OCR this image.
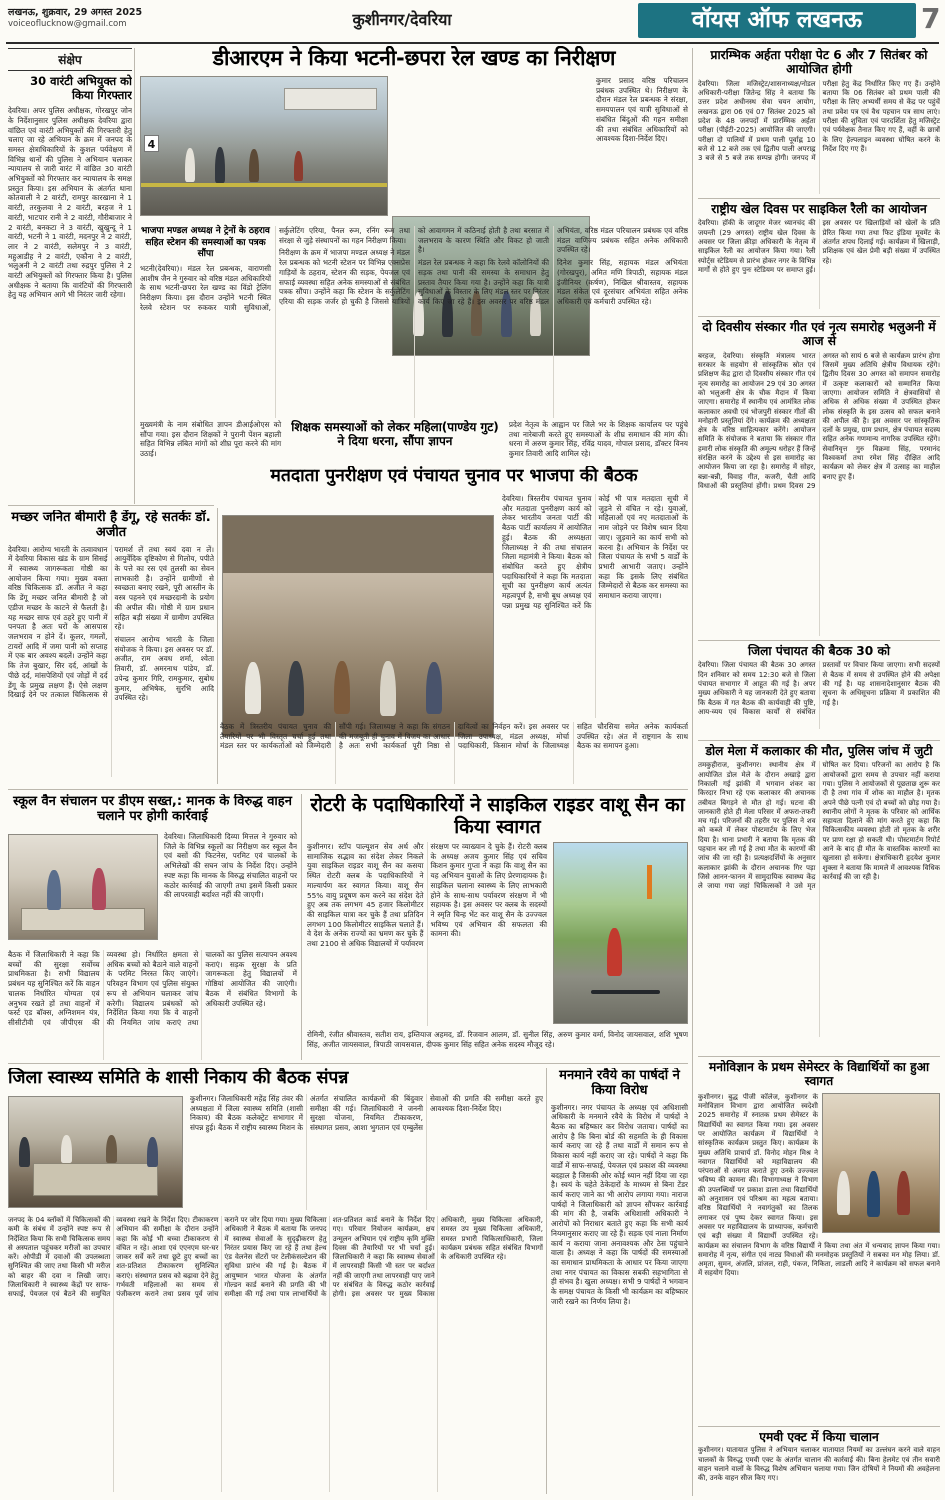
लखनऊ, शुक्रवार, 29 अगस्त 2025
voiceoflucknow@gmail.com	कुशीनगर/देवरिया	वॉयस ऑफ लखनऊ	7
संक्षेप
30 वारंटी अभियुक्त को किया गिरफ्तार
देवरिया। अपर पुलिस अधीक्षक, गोरखपुर जोन के निर्देशानुसार पुलिस अधीक्षक देवरिया द्वारा वांछित एवं वारंटी अभियुक्तों की गिरफ्तारी हेतु चलाए जा रहे अभियान के क्रम में जनपद के समस्त क्षेत्राधिकारियों के कुशल पर्यवेक्षण में विभिन्न थानों की पुलिस ने अभियान चलाकर न्यायालय से जारी वारंट में वांछित 30 वारंटी अभियुक्तों को गिरफ्तार कर न्यायालय के समक्ष प्रस्तुत किया। इस अभियान के अंतर्गत थाना कोतवाली ने 2 वारंटी, रामपुर कारखाना ने 1 वारंटी, तरकुलवा ने 2 वारंटी, बरहज ने 1 वारंटी, भाटपार रानी ने 2 वारंटी, गौरीबाजार ने 2 वारंटी, बनकटा ने 3 वारंटी, खुखुन्दू ने 1 वारंटी, भटनी ने 1 वारंटी, मदनपुर ने 2 वारंटी, लार ने 2 वारंटी, सलेमपुर ने 3 वारंटी, महुआडीह ने 2 वारंटी, एकौना ने 2 वारंटी, भलुअनी ने 2 वारंटी तथा रुद्रपुर पुलिस ने 2 वारंटी अभियुक्तों को गिरफ्तार किया है। पुलिस अधीक्षक ने बताया कि वारंटियों की गिरफ्तारी हेतु यह अभियान आगे भी निरंतर जारी रहेगा।
डीआरएम ने किया भटनी-छपरा रेल खण्ड का निरीक्षण
4
कुमार प्रसाद वरिष्ठ परिचालन प्रबंधक उपस्थित थे। निरीक्षण के दौरान मंडल रेल प्रबन्धक ने संरक्षा, समयपालन एवं यात्री सुविधाओं से संबंधित बिंदुओं की गहन समीक्षा की तथा संबंधित अधिकारियों को आवश्यक दिशा-निर्देश दिए।

भाजपा मण्डल अध्यक्ष ने ट्रेनों के ठहराव सहित स्टेशन की समस्याओं का पत्रक सौंपा

भटनी(देवरिया)। मंडल रेल प्रबन्धक, वाराणसी आशीष जैन ने गुरुवार को वरिष्ठ मंडल अधिकारियों के साथ भटनी-छपरा रेल खण्ड का विंडो ट्रेलिंग निरीक्षण किया। इस दौरान उन्होंने भटनी स्थित रेलवे स्टेशन पर रुककर यात्री सुविधाओं, सर्कुलेटिंग एरिया, पैनल रूम, रनिंग रूम तथा संरक्षा से जुड़े संस्थापनों का गहन निरीक्षण किया।

निरीक्षण के क्रम में भाजपा मण्डल अध्यक्ष ने मंडल रेल प्रबन्धक को भटनी स्टेशन पर विभिन्न एक्सप्रेस गाड़ियों के ठहराव, स्टेशन की सड़क, पेयजल एवं सफाई व्यवस्था सहित अनेक समस्याओं से संबंधित पत्रक सौंपा। उन्होंने कहा कि स्टेशन के सर्कुलेटिंग एरिया की सड़क जर्जर हो चुकी है जिससे यात्रियों को आवागमन में कठिनाई होती है तथा बरसात में जलभराव के कारण स्थिति और विकट हो जाती है।

मंडल रेल प्रबन्धक ने कहा कि रेलवे कॉलोनियों की सड़क तथा पानी की समस्या के समाधान हेतु प्रस्ताव तैयार किया गया है। उन्होंने कहा कि यात्री सुविधाओं के विस्तार के लिए मंडल स्तर पर निरंतर कार्य किए जा रहे हैं। इस अवसर पर वरिष्ठ मंडल अभियंता, वरिष्ठ मंडल परिचालन प्रबंधक एवं वरिष्ठ मंडल वाणिज्य प्रबंधक सहित अनेक अधिकारी उपस्थित रहे।

दिनेश कुमार सिंह, सहायक मंडल अभियंता (गोरखपुर), अमित मणि त्रिपाठी, सहायक मंडल इंजीनियर (कर्षण), निखिल श्रीवास्तव, सहायक मंडल संकेत एवं दूरसंचार अभियंता सहित अनेक अधिकारी एवं कर्मचारी उपस्थित रहे।

मुख्यमंत्री के नाम संबोधित ज्ञापन डीआईओएस को सौंपा गया। इस दौरान शिक्षकों ने पुरानी पेंशन बहाली सहित विभिन्न लंबित मांगों को शीघ्र पूरा करने की मांग उठाई।
शिक्षक समस्याओं को लेकर महिला(पाण्डेय गुट) ने दिया धरना, सौंपा ज्ञापन
प्रदेश नेतृत्व के आह्वान पर जिले भर के शिक्षक कार्यालय पर पहुंचे तथा नारेबाजी करते हुए समस्याओं के शीघ्र समाधान की मांग की। धरना में अरुण कुमार सिंह, रविंद्र यादव, गोपाल प्रसाद, डॉक्टर विनय कुमार तिवारी आदि शामिल रहे।
मतदाता पुनरीक्षण एवं पंचायत चुनाव पर भाजपा की बैठक
देवरिया। त्रिस्तरीय पंचायत चुनाव और मतदाता पुनरीक्षण कार्य को लेकर भारतीय जनता पार्टी की बैठक पार्टी कार्यालय में आयोजित हुई। बैठक की अध्यक्षता जिलाध्यक्ष ने की तथा संचालन जिला महामंत्री ने किया। बैठक को संबोधित करते हुए क्षेत्रीय पदाधिकारियों ने कहा कि मतदाता सूची का पुनरीक्षण कार्य अत्यंत महत्वपूर्ण है, सभी बूथ अध्यक्ष एवं पन्ना प्रमुख यह सुनिश्चित करें कि कोई भी पात्र मतदाता सूची में जुड़ने से वंचित न रहे। युवाओं, महिलाओं एवं नए मतदाताओं के नाम जोड़ने पर विशेष ध्यान दिया जाए। जुड़वाने का कार्य सभी को करना है। अभियान के निर्देश पर जिला पंचायत के सभी 5 वार्डों के प्रभारी आभारी जताए। उन्होंने कहा कि इसके लिए संबंधित जिम्मेदारों से बैठक कर समस्या का समाधान कराया जाएगा।
बैठक में त्रिस्तरीय पंचायत चुनाव की तैयारियों पर भी विस्तृत चर्चा हुई तथा मंडल स्तर पर कार्यकर्ताओं को जिम्मेदारी सौंपी गई। जिलाध्यक्ष ने कहा कि संगठन की मजबूती ही चुनाव में विजय का आधार है अतः सभी कार्यकर्ता पूरी निष्ठा से दायित्वों का निर्वहन करें। इस अवसर पर जिला उपाध्यक्ष, मंडल अध्यक्ष, मोर्चा पदाधिकारी, किसान मोर्चा के जिलाध्यक्ष सहित चौरसिया समेत अनेक कार्यकर्ता उपस्थित रहे। अंत में राष्ट्रगान के साथ बैठक का समापन हुआ।
मच्छर जनित बीमारी है डेंगू, रहे सतर्कः डॉ. अजीत

देवरिया। आरोग्य भारती के तत्वावधान में देवरिया विकास खंड के ग्राम सिसई में स्वास्थ्य जागरूकता गोष्ठी का आयोजन किया गया। मुख्य वक्ता वरिष्ठ चिकित्सक डॉ. अजीत ने कहा कि डेंगू मच्छर जनित बीमारी है जो एडीज मच्छर के काटने से फैलती है। यह मच्छर साफ एवं ठहरे हुए पानी में पनपता है अतः घरों के आसपास जलभराव न होने दें। कूलर, गमलों, टायरों आदि में जमा पानी को सप्ताह में एक बार अवश्य बदलें। उन्होंने कहा कि तेज बुखार, सिर दर्द, आंखों के पीछे दर्द, मांसपेशियों एवं जोड़ों में दर्द डेंगू के प्रमुख लक्षण हैं। ऐसे लक्षण दिखाई देने पर तत्काल चिकित्सक से परामर्श लें तथा स्वयं दवा न लें। आयुर्वेदिक दृष्टिकोण से गिलोय, पपीते के पत्ते का रस एवं तुलसी का सेवन लाभकारी है। उन्होंने ग्रामीणों से स्वच्छता बनाए रखने, पूरी आस्तीन के वस्त्र पहनने एवं मच्छरदानी के प्रयोग की अपील की। गोष्ठी में ग्राम प्रधान सहित बड़ी संख्या में ग्रामीण उपस्थित रहे।

संचालन आरोग्य भारती के जिला संयोजक ने किया। इस अवसर पर डॉ. अजीत, राम अवध शर्मा, श्वेता तिवारी, डॉ. अमरनाथ पांडेय, डॉ. उपेन्द्र कुमार गिरि, रामकुमार, सुबोध कुमार, अभिषेक, सुरभि आदि उपस्थित रहे।

स्कूल वैन संचालन पर डीएम सख्त,: मानक के विरुद्ध वाहन चलाने पर होगी कार्रवाई
देवरिया। जिलाधिकारी दिव्या मित्तल ने गुरुवार को जिले के विभिन्न स्कूलों का निरीक्षण कर स्कूल वैन एवं बसों की फिटनेस, परमिट एवं चालकों के अभिलेखों की सघन जांच के निर्देश दिए। उन्होंने स्पष्ट कहा कि मानक के विरुद्ध संचालित वाहनों पर कठोर कार्रवाई की जाएगी तथा इसमें किसी प्रकार की लापरवाही बर्दाश्त नहीं की जाएगी।
बैठक में जिलाधिकारी ने कहा कि बच्चों की सुरक्षा सर्वोच्च प्राथमिकता है। सभी विद्यालय प्रबंधन यह सुनिश्चित करें कि वाहन चालक निर्धारित योग्यता एवं अनुभव रखते हों तथा वाहनों में फर्स्ट एड बॉक्स, अग्निशमन यंत्र, सीसीटीवी एवं जीपीएस की व्यवस्था हो। निर्धारित क्षमता से अधिक बच्चों को बैठाने वाले वाहनों के परमिट निरस्त किए जाएंगे। परिवहन विभाग एवं पुलिस संयुक्त रूप से अभियान चलाकर जांच करेगी। विद्यालय प्रबंधकों को निर्देशित किया गया कि वे वाहनों की नियमित जांच कराएं तथा चालकों का पुलिस सत्यापन अवश्य कराएं। सड़क सुरक्षा के प्रति जागरूकता हेतु विद्यालयों में गोष्ठियां आयोजित की जाएंगी। बैठक में संबंधित विभागों के अधिकारी उपस्थित रहे।
रोटरी के पदाधिकारियों ने साइकिल राइडर वाशू सैन का किया स्वागत
कुशीनगर। स्टॉप पाल्यूशन सेव अर्थ और सामाजिक सद्भाव का संदेश लेकर निकले युवा साइकिल राइडर वाशू सैन का कसया स्थित रोटरी क्लब के पदाधिकारियों ने माल्यार्पण कर स्वागत किया। वाशू सैन 55% वायु प्रदूषण कम करने का संदेश देते हुए अब तक लगभग 45 हजार किलोमीटर की साइकिल यात्रा कर चुके हैं तथा प्रतिदिन लगभग 100 किलोमीटर साइकिल चलाते हैं। वे देश के अनेक राज्यों का भ्रमण कर चुके हैं तथा 2100 से अधिक विद्यालयों में पर्यावरण संरक्षण पर व्याख्यान दे चुके हैं। रोटरी क्लब के अध्यक्ष अजय कुमार सिंह एवं सचिव किशन कुमार गुप्ता ने कहा कि वाशू सैन का यह अभियान युवाओं के लिए प्रेरणादायक है। साइकिल चलाना स्वास्थ्य के लिए लाभकारी होने के साथ-साथ पर्यावरण संरक्षण में भी सहायक है। इस अवसर पर क्लब के सदस्यों ने स्मृति चिन्ह भेंट कर वाशू सैन के उज्ज्वल भविष्य एवं अभियान की सफलता की कामना की।
रोमिनी, रंजीत श्रीवास्तव, सतीश राय, इम्तियाज अहमद, डॉ. रिजवान आलम, डॉ. सुनील सिंह, अरुण कुमार वर्मा, विनोद जायसवाल, शशि भूषण सिंह, अजीत जायसवाल, त्रिपाठी जायसवाल, दीपक कुमार सिंह सहित अनेक सदस्य मौजूद रहे।
जिला स्वास्थ्य समिति के शासी निकाय की बैठक संपन्न
कुशीनगर। जिलाधिकारी महेंद्र सिंह तंवर की अध्यक्षता में जिला स्वास्थ्य समिति (शासी निकाय) की बैठक कलेक्ट्रेट सभागार में संपन्न हुई। बैठक में राष्ट्रीय स्वास्थ्य मिशन के अंतर्गत संचालित कार्यक्रमों की बिंदुवार समीक्षा की गई। जिलाधिकारी ने जननी सुरक्षा योजना, नियमित टीकाकरण, संस्थागत प्रसव, आशा भुगतान एवं एम्बुलेंस सेवाओं की प्रगति की समीक्षा करते हुए आवश्यक दिशा-निर्देश दिए।
जनपद के 04 ब्लॉकों में चिकित्सकों की कमी के संबंध में उन्होंने स्पष्ट रूप से निर्देशित किया कि सभी चिकित्सक समय से अस्पताल पहुंचकर मरीजों का उपचार करें। ओपीडी में दवाओं की उपलब्धता सुनिश्चित की जाए तथा किसी भी मरीज को बाहर की दवा न लिखी जाए। जिलाधिकारी ने स्वास्थ्य केंद्रों पर साफ-सफाई, पेयजल एवं बैठने की समुचित व्यवस्था रखने के निर्देश दिए। टीकाकरण अभियान की समीक्षा के दौरान उन्होंने कहा कि कोई भी बच्चा टीकाकरण से वंचित न रहे। आशा एवं एएनएम घर-घर जाकर सर्वे करें तथा छूटे हुए बच्चों का शत-प्रतिशत टीकाकरण सुनिश्चित कराएं। संस्थागत प्रसव को बढ़ावा देने हेतु गर्भवती महिलाओं का समय से पंजीकरण कराने तथा प्रसव पूर्व जांच कराने पर जोर दिया गया। मुख्य चिकित्सा अधिकारी ने बैठक में बताया कि जनपद में स्वास्थ्य सेवाओं के सुदृढ़ीकरण हेतु निरंतर प्रयास किए जा रहे हैं तथा हेल्थ एंड वेलनेस सेंटरों पर टेलीकंसल्टेशन की सुविधा प्रारंभ की गई है। बैठक में आयुष्मान भारत योजना के अंतर्गत गोल्डन कार्ड बनाने की प्रगति की भी समीक्षा की गई तथा पात्र लाभार्थियों के शत-प्रतिशत कार्ड बनाने के निर्देश दिए गए। परिवार नियोजन कार्यक्रम, क्षय उन्मूलन अभियान एवं राष्ट्रीय कृमि मुक्ति दिवस की तैयारियों पर भी चर्चा हुई। जिलाधिकारी ने कहा कि स्वास्थ्य सेवाओं में लापरवाही किसी भी स्तर पर बर्दाश्त नहीं की जाएगी तथा लापरवाही पाए जाने पर संबंधित के विरुद्ध कठोर कार्रवाई होगी। इस अवसर पर मुख्य विकास अधिकारी, मुख्य चिकित्सा अधिकारी, समस्त उप मुख्य चिकित्सा अधिकारी, समस्त प्रभारी चिकित्साधिकारी, जिला कार्यक्रम प्रबंधक सहित संबंधित विभागों के अधिकारी उपस्थित रहे।
मनमाने रवैये का पार्षदों ने किया विरोध
कुशीनगर। नगर पंचायत के अध्यक्ष एवं अधिशासी अधिकारी के मनमाने रवैये के विरोध में पार्षदों ने बैठक का बहिष्कार कर विरोध जताया। पार्षदों का आरोप है कि बिना बोर्ड की सहमति के ही विकास कार्य कराए जा रहे हैं तथा वार्डों में समान रूप से विकास कार्य नहीं कराए जा रहे। पार्षदों ने कहा कि वार्डों में साफ-सफाई, पेयजल एवं प्रकाश की व्यवस्था बदहाल है जिसकी ओर कोई ध्यान नहीं दिया जा रहा है। स्वयं के चहेते ठेकेदारों के माध्यम से बिना टेंडर कार्य कराए जाने का भी आरोप लगाया गया। नाराज पार्षदों ने जिलाधिकारी को ज्ञापन सौंपकर कार्रवाई की मांग की है, जबकि अधिशासी अधिकारी ने आरोपों को निराधार बताते हुए कहा कि सभी कार्य नियमानुसार कराए जा रहे हैं। सड़क एवं नाला निर्माण कार्य न कराया जाना अनावश्यक और ठेस पहुंचाने वाला है। अध्यक्ष ने कहा कि पार्षदों की समस्याओं का समाधान प्राथमिकता के आधार पर किया जाएगा तथा नगर पंचायत का विकास सबकी सहभागिता से ही संभव है। खुला अध्यक्ष। सभी 9 पार्षदों ने भगवान के समक्ष पंचायत के किसी भी कार्यक्रम का बहिष्कार जारी रखने का निर्णय लिया है।
प्रारम्भिक अर्हता परीक्षा पेट 6 और 7 सितंबर को आयोजित होगी
देवरिया। जिला मजिस्ट्रेट/शासनाध्यक्ष/नोडल अधिकारी-परीक्षा जितेन्द्र सिंह ने बताया कि उत्तर प्रदेश अधीनस्थ सेवा चयन आयोग, लखनऊ द्वारा 06 एवं 07 सितंबर 2025 को प्रदेश के 48 जनपदों में प्रारम्भिक अर्हता परीक्षा (पीईटी-2025) आयोजित की जाएगी। परीक्षा दो पालियों में प्रथम पाली पूर्वाह्न 10 बजे से 12 बजे तक एवं द्वितीय पाली अपराह्न 3 बजे से 5 बजे तक सम्पन्न होगी। जनपद में परीक्षा हेतु केंद्र निर्धारित किए गए हैं। उन्होंने बताया कि 06 सितंबर को प्रथम पाली की परीक्षा के लिए अभ्यर्थी समय से केंद्र पर पहुंचें तथा प्रवेश पत्र एवं वैध पहचान पत्र साथ लाएं। परीक्षा की शुचिता एवं पारदर्शिता हेतु मजिस्ट्रेट एवं पर्यवेक्षक तैनात किए गए हैं, वहीं के छात्रों के लिए हेल्पलाइन व्यवस्था घोषित करने के निर्देश दिए गए हैं।
राष्ट्रीय खेल दिवस पर साइकिल रैली का आयोजन
देवरिया। हॉकी के जादूगर मेजर ध्यानचंद की जयन्ती (29 अगस्त) राष्ट्रीय खेल दिवस के अवसर पर जिला क्रीड़ा अधिकारी के नेतृत्व में साइकिल रैली का आयोजन किया गया। रैली स्पोर्ट्स स्टेडियम से प्रारंभ होकर नगर के विभिन्न मार्गों से होते हुए पुनः स्टेडियम पर समाप्त हुई। इस अवसर पर खिलाड़ियों को खेलों के प्रति प्रेरित किया गया तथा फिट इंडिया मूवमेंट के अंतर्गत शपथ दिलाई गई। कार्यक्रम में खिलाड़ी, प्रशिक्षक एवं खेल प्रेमी बड़ी संख्या में उपस्थित रहे।
दो दिवसीय संस्कार गीत एवं नृत्य समारोह भलुअनी में आज से
बरहज, देवरिया। संस्कृति मंत्रालय भारत सरकार के सहयोग से सांस्कृतिक स्रोत एवं प्रशिक्षण केंद्र द्वारा दो दिवसीय संस्कार गीत एवं नृत्य समारोह का आयोजन 29 एवं 30 अगस्त को भलुअनी क्षेत्र के चौक मैदान में किया जाएगा। समारोह में स्थानीय एवं आमंत्रित लोक कलाकार अवधी एवं भोजपुरी संस्कार गीतों की मनोहारी प्रस्तुतियां देंगे। कार्यक्रम की अध्यक्षता क्षेत्र के वरिष्ठ साहित्यकार करेंगे। आयोजन समिति के संयोजक ने बताया कि संस्कार गीत हमारी लोक संस्कृति की अमूल्य धरोहर हैं जिन्हें संरक्षित करने के उद्देश्य से इस समारोह का आयोजन किया जा रहा है। समारोह में सोहर, बन्ना-बन्नी, विवाह गीत, कजरी, चैती आदि विधाओं की प्रस्तुतियां होंगी। प्रथम दिवस 29 अगस्त को सायं 6 बजे से कार्यक्रम प्रारंभ होगा जिसमें मुख्य अतिथि क्षेत्रीय विधायक रहेंगे। द्वितीय दिवस 30 अगस्त को समापन समारोह में उत्कृष्ट कलाकारों को सम्मानित किया जाएगा। आयोजन समिति ने क्षेत्रवासियों से अधिक से अधिक संख्या में उपस्थित होकर लोक संस्कृति के इस उत्सव को सफल बनाने की अपील की है। इस अवसर पर सांस्कृतिक दलों के प्रमुख, ग्राम प्रधान, क्षेत्र पंचायत सदस्य सहित अनेक गणमान्य नागरिक उपस्थित रहेंगे। सेवानिवृत्त गुरु विक्रमा सिंह, परमानंद विश्वकर्मा तथा रमेश सिंह दीक्षित आदि कार्यक्रम को लेकर क्षेत्र में उत्साह का माहौल बनाए हुए हैं।
जिला पंचायत की बैठक 30 को
देवरिया। जिला पंचायत की बैठक 30 अगस्त दिन शनिवार को समय 12:30 बजे से जिला पंचायत सभागार में आहूत की गई है। अपर मुख्य अधिकारी ने यह जानकारी देते हुए बताया कि बैठक में गत बैठक की कार्यवाही की पुष्टि, आय-व्यय एवं विकास कार्यों से संबंधित प्रस्तावों पर विचार किया जाएगा। सभी सदस्यों से बैठक में समय से उपस्थित होने की अपेक्षा की गई है। यह शासनादेशानुसार बैठक की सूचना के अधिसूचना प्रक्रिया में प्रकाशित की गई है।
डोल मेला में कलाकार की मौत, पुलिस जांच में जुटी
तमकुहीराज, कुशीनगर। स्थानीय क्षेत्र में आयोजित डोल मेले के दौरान अखाड़े द्वारा निकाली गई झांकी में भगवान शंकर का किरदार निभा रहे एक कलाकार की अचानक तबीयत बिगड़ने से मौत हो गई। घटना की जानकारी होते ही मेला परिसर में अफरा-तफरी मच गई। परिजनों की तहरीर पर पुलिस ने शव को कब्जे में लेकर पोस्टमार्टम के लिए भेज दिया है। थाना प्रभारी ने बताया कि मृतक की पहचान कर ली गई है तथा मौत के कारणों की जांच की जा रही है। प्रत्यक्षदर्शियों के अनुसार कलाकार झांकी के दौरान अचानक गिर पड़ा जिसे आनन-फानन में सामुदायिक स्वास्थ्य केंद्र ले जाया गया जहां चिकित्सकों ने उसे मृत घोषित कर दिया। परिजनों का आरोप है कि आयोजकों द्वारा समय से उपचार नहीं कराया गया। पुलिस ने आयोजकों से पूछताछ शुरू कर दी है तथा गांव में शोक का माहौल है। मृतक अपने पीछे पत्नी एवं दो बच्चों को छोड़ गया है। स्थानीय लोगों ने मृतक के परिवार को आर्थिक सहायता दिलाने की मांग करते हुए कहा कि चिकित्सकीय व्यवस्था होती तो मृतक के शरीर पर प्राण रक्षा हो सकती थी। पोस्टमार्टम रिपोर्ट आने के बाद ही मौत के वास्तविक कारणों का खुलासा हो सकेगा। क्षेत्राधिकारी हृदयेश कुमार शुक्ला ने बताया कि मामले में आवश्यक विधिक कार्रवाई की जा रही है।
मनोविज्ञान के प्रथम सेमेस्टर के विद्यार्थियों का हुआ स्वागत
कुशीनगर। बुद्ध पीजी कॉलेज, कुशीनगर के मनोविज्ञान विभाग द्वारा आयोजित स्वदेशी 2025 समारोह में स्नातक प्रथम सेमेस्टर के विद्यार्थियों का स्वागत किया गया। इस अवसर पर आयोजित कार्यक्रम में विद्यार्थियों ने सांस्कृतिक कार्यक्रम प्रस्तुत किए। कार्यक्रम के मुख्य अतिथि प्राचार्य डॉ. विनोद मोहन मिश्र ने नवागत विद्यार्थियों को महाविद्यालय की परंपराओं से अवगत कराते हुए उनके उज्ज्वल भविष्य की कामना की। विभागाध्यक्ष ने विभाग की उपलब्धियों पर प्रकाश डाला तथा विद्यार्थियों को अनुशासन एवं परिश्रम का महत्व बताया। वरिष्ठ विद्यार्थियों ने नवागंतुकों का तिलक लगाकर एवं पुष्प देकर स्वागत किया। इस अवसर पर महाविद्यालय के प्राध्यापक, कर्मचारी एवं बड़ी संख्या में विद्यार्थी उपस्थित रहे। कार्यक्रम का संचालन विभाग के वरिष्ठ विद्यार्थी ने किया तथा अंत में धन्यवाद ज्ञापन किया गया। समारोह में नृत्य, संगीत एवं नाट्य विधाओं की मनमोहक प्रस्तुतियों ने सबका मन मोह लिया। डॉ. अमृता, सुमन, अंजलि, प्रांजल, राही, पंकज, निकिता, लाडली आदि ने कार्यक्रम को सफल बनाने में सहयोग दिया।
एमवी एक्ट में किया चालान
कुशीनगर। यातायात पुलिस ने अभियान चलाकर यातायात नियमों का उल्लंघन करने वाले वाहन चालकों के विरुद्ध एमवी एक्ट के अंतर्गत चालान की कार्रवाई की। बिना हेलमेट एवं तीन सवारी वाहन चलाने वालों के विरुद्ध विशेष अभियान चलाया गया। जिन दोषियों ने नियमों की अवहेलना की, उनके वाहन सीज किए गए।
